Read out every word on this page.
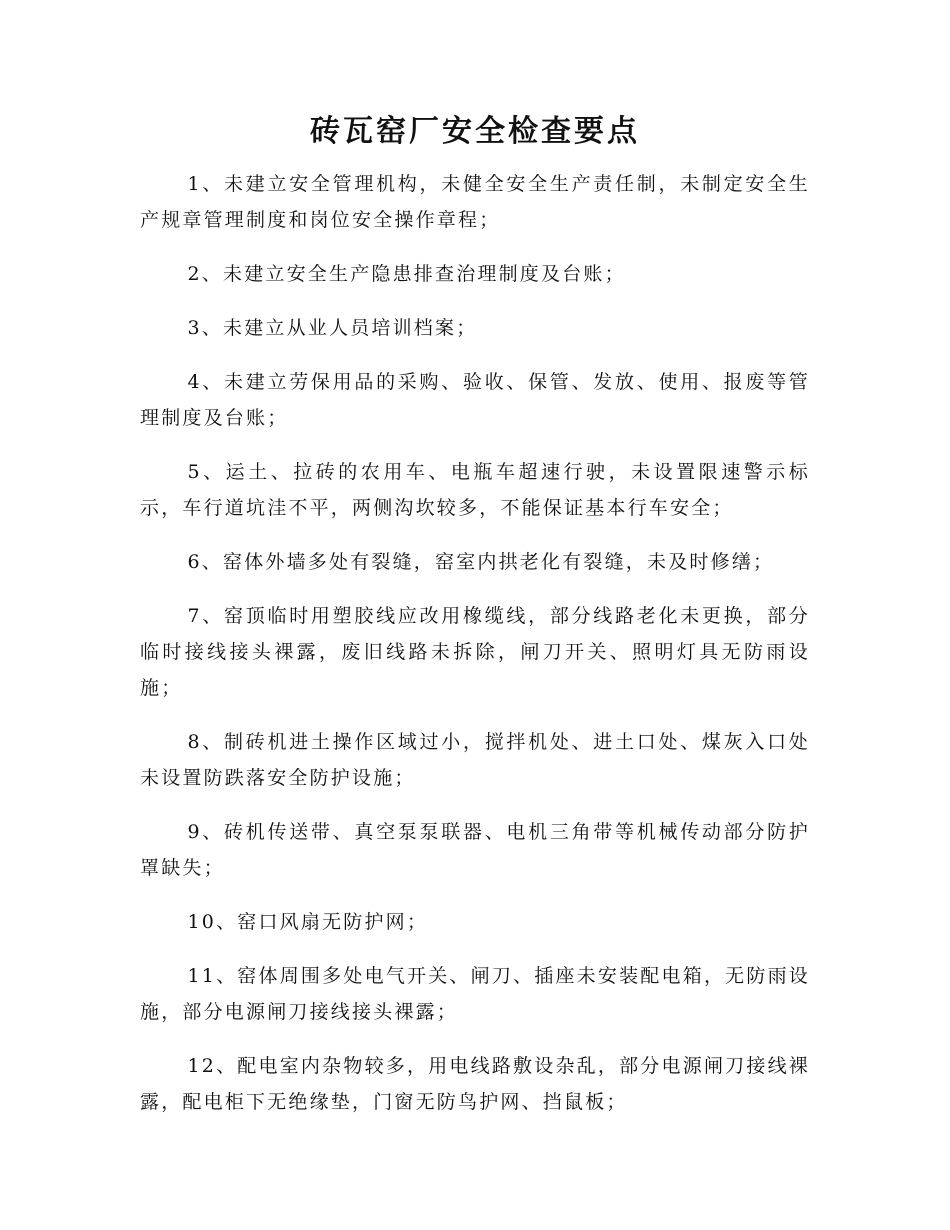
砖瓦窑厂安全检查要点

1、未建立安全管理机构，未健全安全生产责任制，未制定安全生产规章管理制度和岗位安全操作章程；

2、未建立安全生产隐患排查治理制度及台账；

3、未建立从业人员培训档案；

4、未建立劳保用品的采购、验收、保管、发放、使用、报废等管理制度及台账；

5、运土、拉砖的农用车、电瓶车超速行驶，未设置限速警示标示，车行道坑洼不平，两侧沟坎较多，不能保证基本行车安全；

6、窑体外墙多处有裂缝，窑室内拱老化有裂缝，未及时修缮；

7、窑顶临时用塑胶线应改用橡缆线，部分线路老化未更换，部分临时接线接头裸露，废旧线路未拆除，闸刀开关、照明灯具无防雨设施；

8、制砖机进土操作区域过小，搅拌机处、进土口处、煤灰入口处未设置防跌落安全防护设施；

9、砖机传送带、真空泵泵联器、电机三角带等机械传动部分防护罩缺失；

10、窑口风扇无防护网；

11、窑体周围多处电气开关、闸刀、插座未安装配电箱，无防雨设施，部分电源闸刀接线接头裸露；

12、配电室内杂物较多，用电线路敷设杂乱，部分电源闸刀接线裸露，配电柜下无绝缘垫，门窗无防鸟护网、挡鼠板；
